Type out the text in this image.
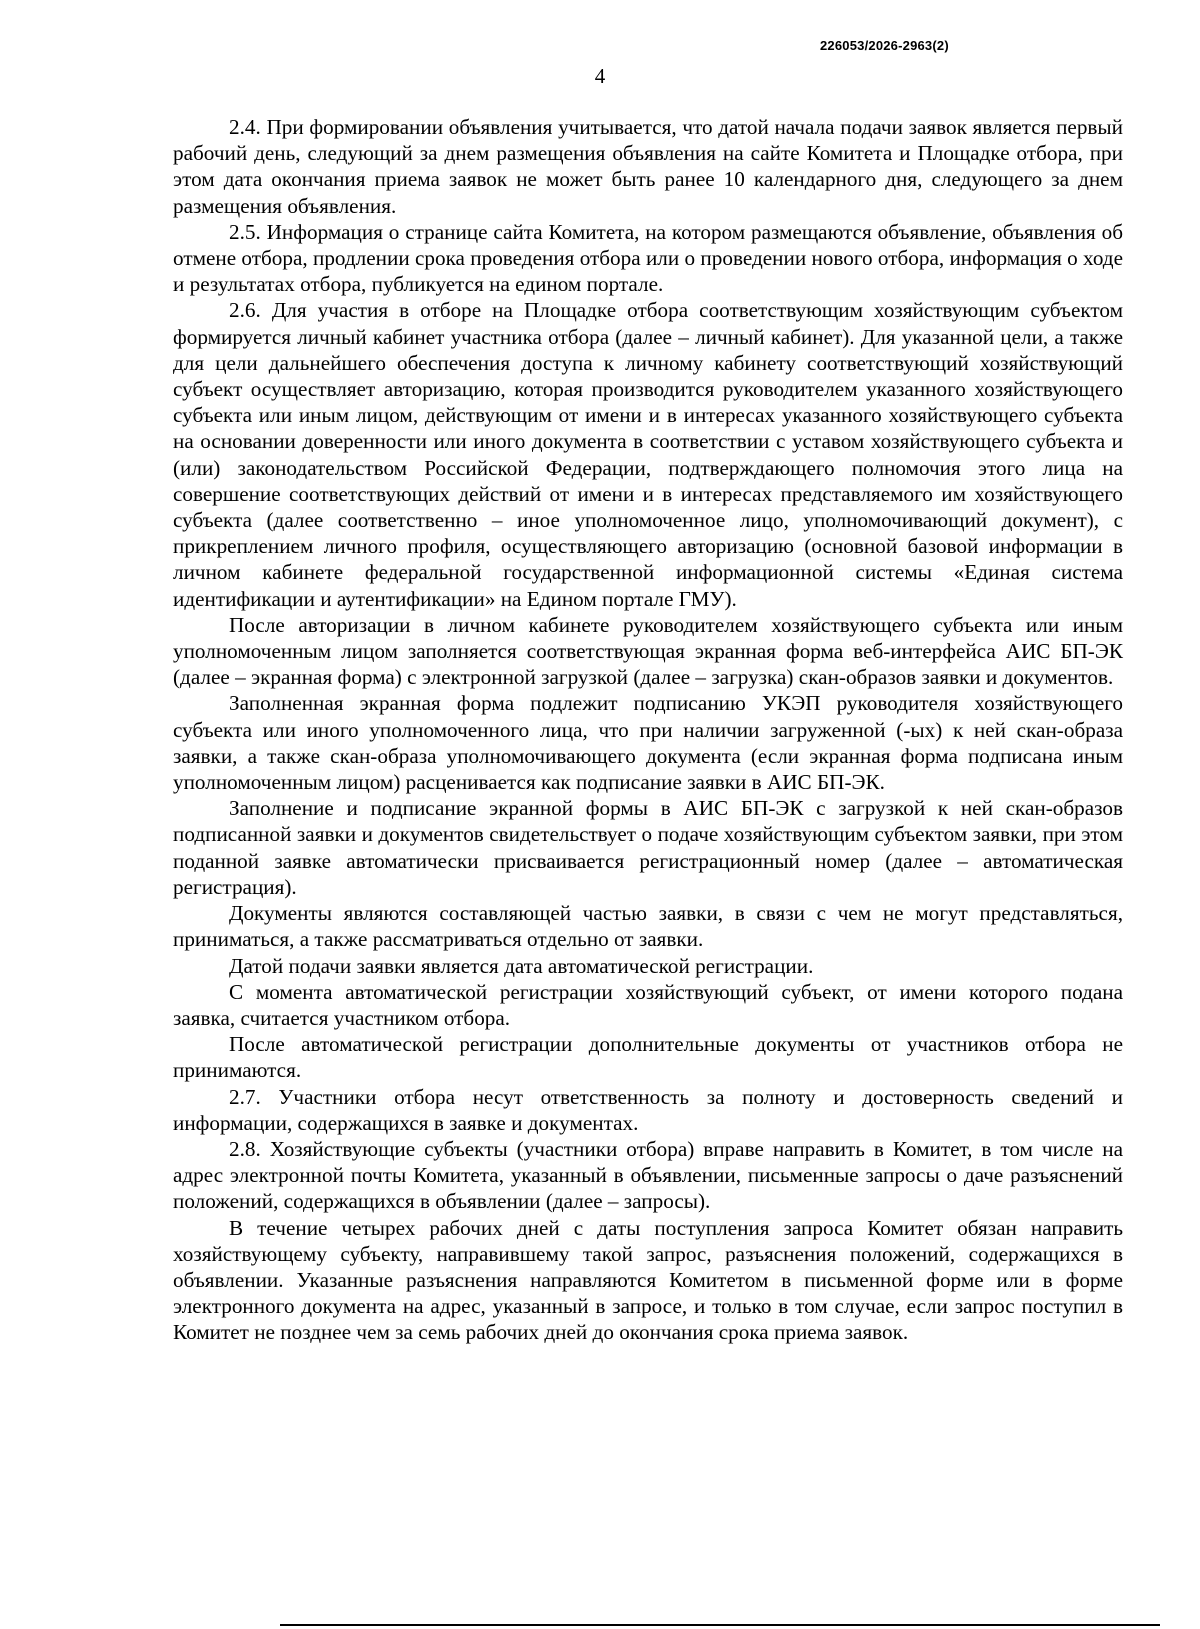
226053/2026-2963(2)
4

2.4. При формировании объявления учитывается, что датой начала подачи заявок является первый рабочий день, следующий за днем размещения объявления на сайте Комитета и Площадке отбора, при этом дата окончания приема заявок не может быть ранее 10 календарного дня, следующего за днем размещения объявления.

2.5. Информация о странице сайта Комитета, на котором размещаются объявление, объявления об отмене отбора, продлении срока проведения отбора или о проведении нового отбора, информация о ходе и результатах отбора, публикуется на едином портале.

2.6. Для участия в отборе на Площадке отбора соответствующим хозяйствующим субъектом формируется личный кабинет участника отбора (далее – личный кабинет). Для указанной цели, а также для цели дальнейшего обеспечения доступа к личному кабинету соответствующий хозяйствующий субъект осуществляет авторизацию, которая производится руководителем указанного хозяйствующего субъекта или иным лицом, действующим от имени и в интересах указанного хозяйствующего субъекта на основании доверенности или иного документа в соответствии с уставом хозяйствующего субъекта и (или) законодательством Российской Федерации, подтверждающего полномочия этого лица на совершение соответствующих действий от имени и в интересах представляемого им хозяйствующего субъекта (далее соответственно – иное уполномоченное лицо, уполномочивающий документ), с прикреплением личного профиля, осуществляющего авторизацию (основной базовой информации в личном кабинете федеральной государственной информационной системы «Единая система идентификации и аутентификации» на Едином портале ГМУ).

После авторизации в личном кабинете руководителем хозяйствующего субъекта или иным уполномоченным лицом заполняется соответствующая экранная форма веб-интерфейса АИС БП-ЭК (далее – экранная форма) с электронной загрузкой (далее – загрузка) скан-образов заявки и документов.

Заполненная экранная форма подлежит подписанию УКЭП руководителя хозяйствующего субъекта или иного уполномоченного лица, что при наличии загруженной (-ых) к ней скан-образа заявки, а также скан-образа уполномочивающего документа (если экранная форма подписана иным уполномоченным лицом) расценивается как подписание заявки в АИС БП-ЭК.

Заполнение и подписание экранной формы в АИС БП-ЭК с загрузкой к ней скан-образов подписанной заявки и документов свидетельствует о подаче хозяйствующим субъектом заявки, при этом поданной заявке автоматически присваивается регистрационный номер (далее – автоматическая регистрация).

Документы являются составляющей частью заявки, в связи с чем не могут представляться, приниматься, а также рассматриваться отдельно от заявки.

Датой подачи заявки является дата автоматической регистрации.

С момента автоматической регистрации хозяйствующий субъект, от имени которого подана заявка, считается участником отбора.

После автоматической регистрации дополнительные документы от участников отбора не принимаются.

2.7. Участники отбора несут ответственность за полноту и достоверность сведений и информации, содержащихся в заявке и документах.

2.8. Хозяйствующие субъекты (участники отбора) вправе направить в Комитет, в том числе на адрес электронной почты Комитета, указанный в объявлении, письменные запросы о даче разъяснений положений, содержащихся в объявлении (далее – запросы).

В течение четырех рабочих дней с даты поступления запроса Комитет обязан направить хозяйствующему субъекту, направившему такой запрос, разъяснения положений, содержащихся в объявлении. Указанные разъяснения направляются Комитетом в письменной форме или в форме электронного документа на адрес, указанный в запросе, и только в том случае, если запрос поступил в Комитет не позднее чем за семь рабочих дней до окончания срока приема заявок.
